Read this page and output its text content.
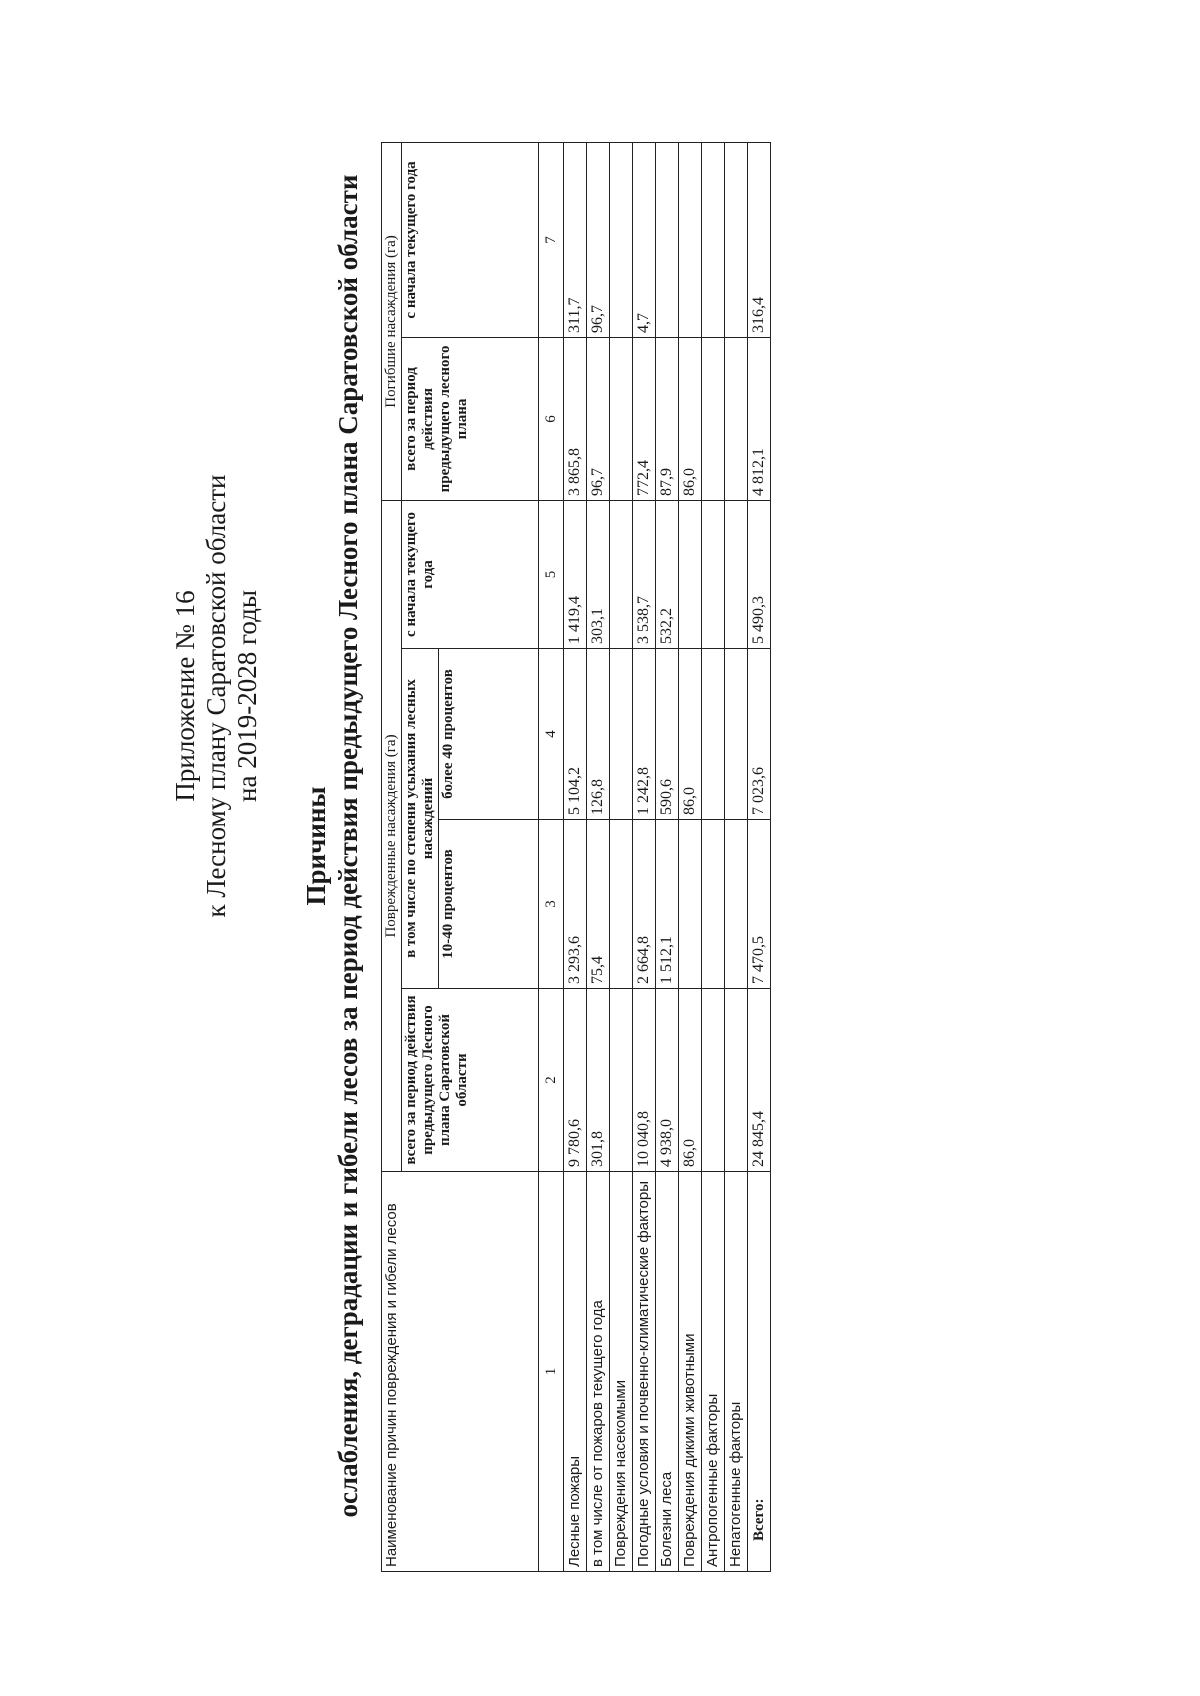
Приложение № 16 к Лесному плану Саратовской области на 2019-2028 годы
Причины ослабления, деградации и гибели лесов за период действия предыдущего Лесного плана Саратовской области Наименование причин повреждения и гибели лесов	Поврежденные насаждения (га)				Погибшие насаждения (га)	
	всего за период действия предыдущего Лесного плана Саратовской области	в том числе по степени усыхания лесных насаждений		с начала текущего года	всего за период действия предыдущего лесного плана	с начала текущего года
		10-40 процентов	более 40 процентов			
1	2	3	4	5	6	7
Лесные пожары	9 780,6	3 293,6	5 104,2	1 419,4	3 865,8	311,7
в том числе от пожаров текущего года	301,8	75,4	126,8	303,1	96,7	96,7
Повреждения насекомыми						
Погодные условия и почвенно-климатические факторы	10 040,8	2 664,8	1 242,8	3 538,7	772,4	4,7
Болезни леса	4 938,0	1 512,1	590,6	532,2	87,9	
Повреждения дикими животными	86,0		86,0		86,0	
Антропогенные факторы						
Непатогенные факторы						
Всего:	24 845,4	7 470,5	7 023,6	5 490,3	4 812,1	316,4
